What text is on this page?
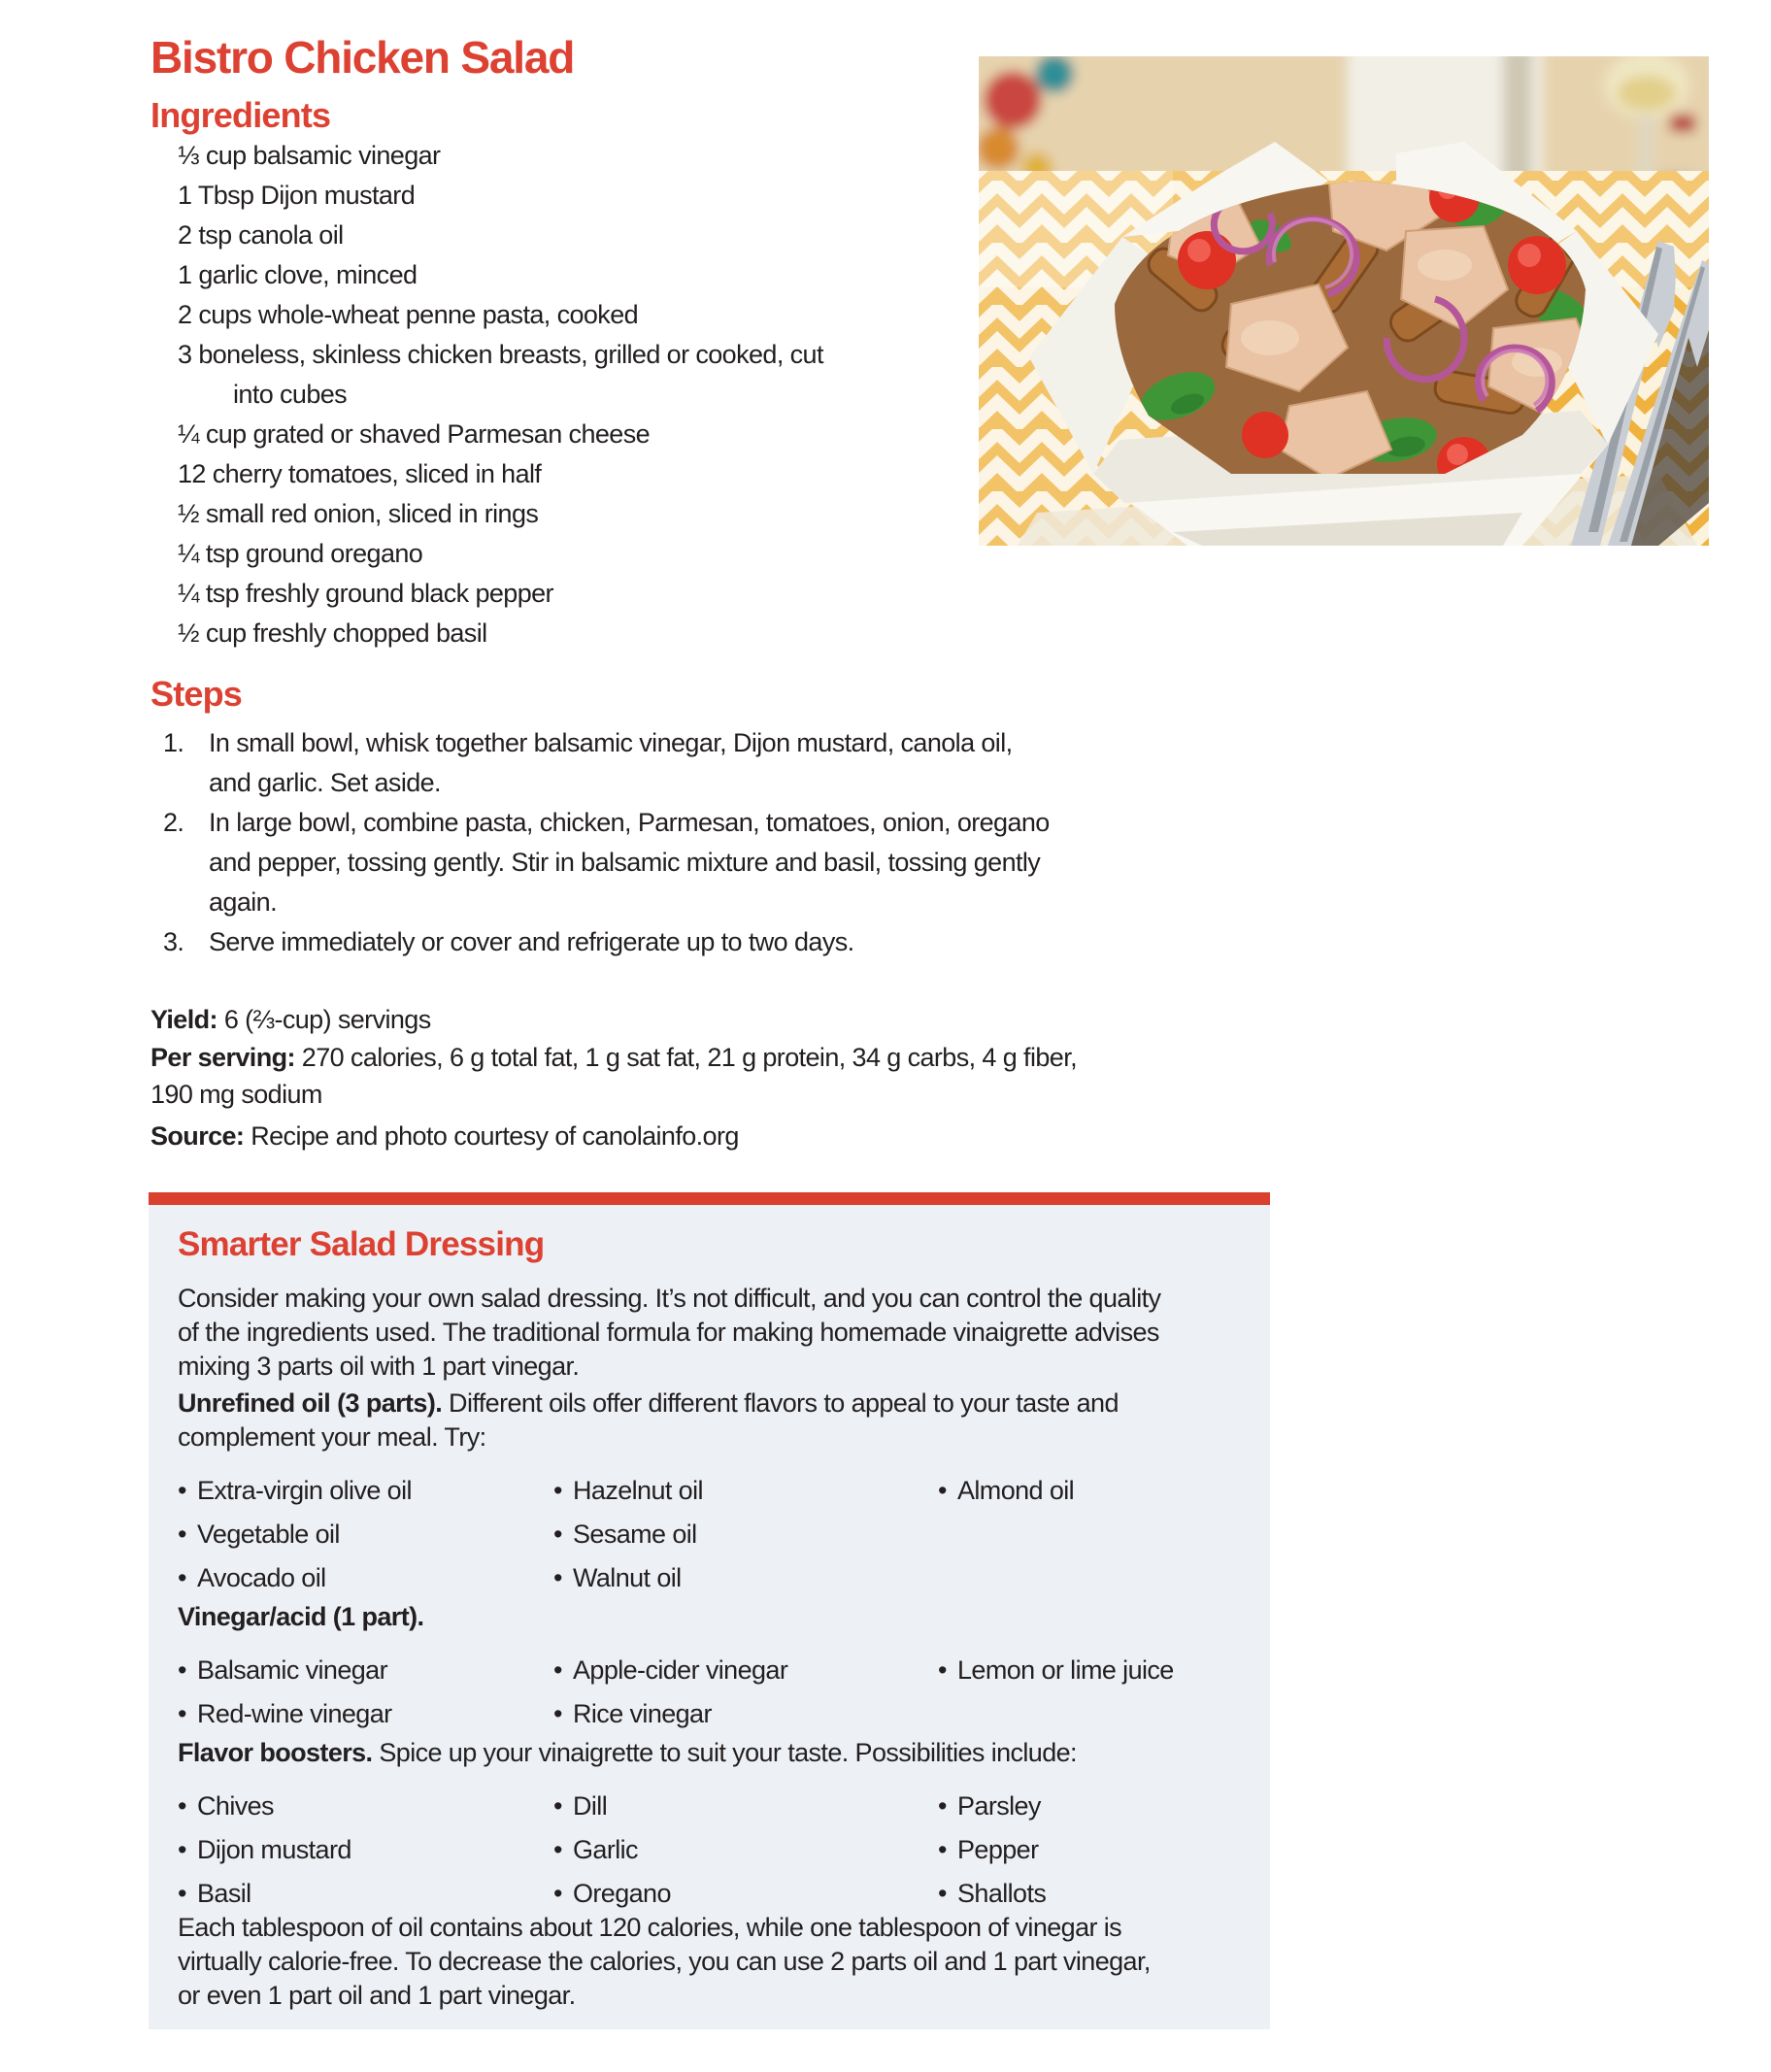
Bistro Chicken Salad
Ingredients
⅓ cup balsamic vinegar
1 Tbsp Dijon mustard
2 tsp canola oil
1 garlic clove, minced
2 cups whole-wheat penne pasta, cooked
3 boneless, skinless chicken breasts, grilled or cooked, cut
into cubes
¼ cup grated or shaved Parmesan cheese
12 cherry tomatoes, sliced in half
½ small red onion, sliced in rings
¼ tsp ground oregano
¼ tsp freshly ground black pepper
½ cup freshly chopped basil
Steps
1. In small bowl, whisk together balsamic vinegar, Dijon mustard, canola oil,
and garlic. Set aside.
2. In large bowl, combine pasta, chicken, Parmesan, tomatoes, onion, oregano
and pepper, tossing gently. Stir in balsamic mixture and basil, tossing gently
again.
3. Serve immediately or cover and refrigerate up to two days.
Yield: 6 (⅔-cup) servings
Per serving: 270 calories, 6 g total fat, 1 g sat fat, 21 g protein, 34 g carbs, 4 g fiber,
190 mg sodium
Source: Recipe and photo courtesy of canolainfo.org
Smarter Salad Dressing
Consider making your own salad dressing. It’s not difficult, and you can control the quality
of the ingredients used. The traditional formula for making homemade vinaigrette advises
mixing 3 parts oil with 1 part vinegar.
Unrefined oil (3 parts). Different oils offer different flavors to appeal to your taste and
complement your meal. Try:
• Extra-virgin olive oil
• Vegetable oil
• Avocado oil
• Hazelnut oil
• Sesame oil
• Walnut oil
• Almond oil
Vinegar/acid (1 part).
• Balsamic vinegar
• Red-wine vinegar
• Apple-cider vinegar
• Rice vinegar
• Lemon or lime juice
Flavor boosters. Spice up your vinaigrette to suit your taste. Possibilities include:
• Chives
• Dijon mustard
• Basil
• Dill
• Garlic
• Oregano
• Parsley
• Pepper
• Shallots
Each tablespoon of oil contains about 120 calories, while one tablespoon of vinegar is
virtually calorie-free. To decrease the calories, you can use 2 parts oil and 1 part vinegar,
or even 1 part oil and 1 part vinegar.
